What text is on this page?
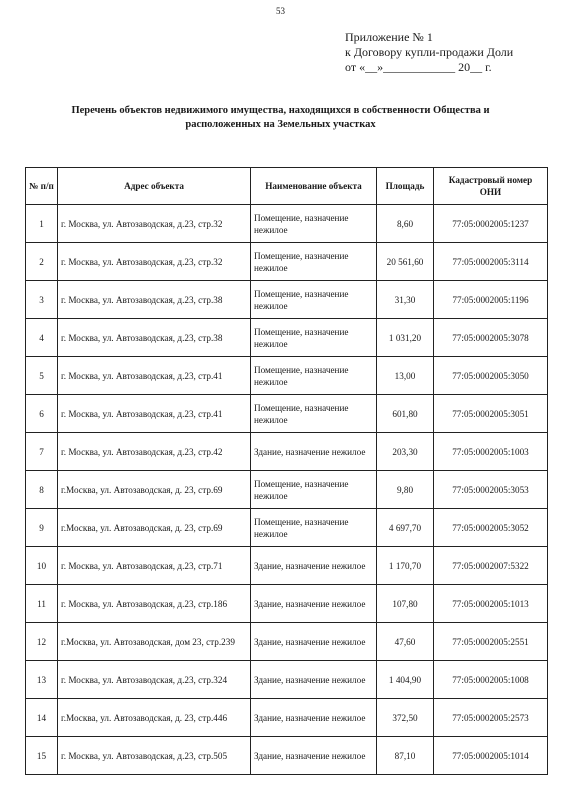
53
Приложение № 1
к Договору купли-продажи Доли
от «__»____________ 20__ г.
Перечень объектов недвижимого имущества, находящихся в собственности Общества и
расположенных на Земельных участках
№ п/п	Адрес объекта	Наименование объекта	Площадь	Кадастровый номер ОНИ
1	г. Москва, ул. Автозаводская, д.23, стр.32	Помещение, назначение нежилое	8,60	77:05:0002005:1237
2	г. Москва, ул. Автозаводская, д.23, стр.32	Помещение, назначение нежилое	20 561,60	77:05:0002005:3114
3	г. Москва, ул. Автозаводская, д.23, стр.38	Помещение, назначение нежилое	31,30	77:05:0002005:1196
4	г. Москва, ул. Автозаводская, д.23, стр.38	Помещение, назначение нежилое	1 031,20	77:05:0002005:3078
5	г. Москва, ул. Автозаводская, д.23, стр.41	Помещение, назначение нежилое	13,00	77:05:0002005:3050
6	г. Москва, ул. Автозаводская, д.23, стр.41	Помещение, назначение нежилое	601,80	77:05:0002005:3051
7	г. Москва, ул. Автозаводская, д.23, стр.42	Здание, назначение нежилое	203,30	77:05:0002005:1003
8	г.Москва, ул. Автозаводская, д. 23, стр.69	Помещение, назначение нежилое	9,80	77:05:0002005:3053
9	г.Москва, ул. Автозаводская, д. 23, стр.69	Помещение, назначение нежилое	4 697,70	77:05:0002005:3052
10	г. Москва, ул. Автозаводская, д.23, стр.71	Здание, назначение нежилое	1 170,70	77:05:0002007:5322
11	г. Москва, ул. Автозаводская, д.23, стр.186	Здание, назначение нежилое	107,80	77:05:0002005:1013
12	г.Москва, ул. Автозаводская, дом 23, стр.239	Здание, назначение нежилое	47,60	77:05:0002005:2551
13	г. Москва, ул. Автозаводская, д.23, стр.324	Здание, назначение нежилое	1 404,90	77:05:0002005:1008
14	г.Москва, ул. Автозаводская, д. 23, стр.446	Здание, назначение нежилое	372,50	77:05:0002005:2573
15	г. Москва, ул. Автозаводская, д.23, стр.505	Здание, назначение нежилое	87,10	77:05:0002005:1014
